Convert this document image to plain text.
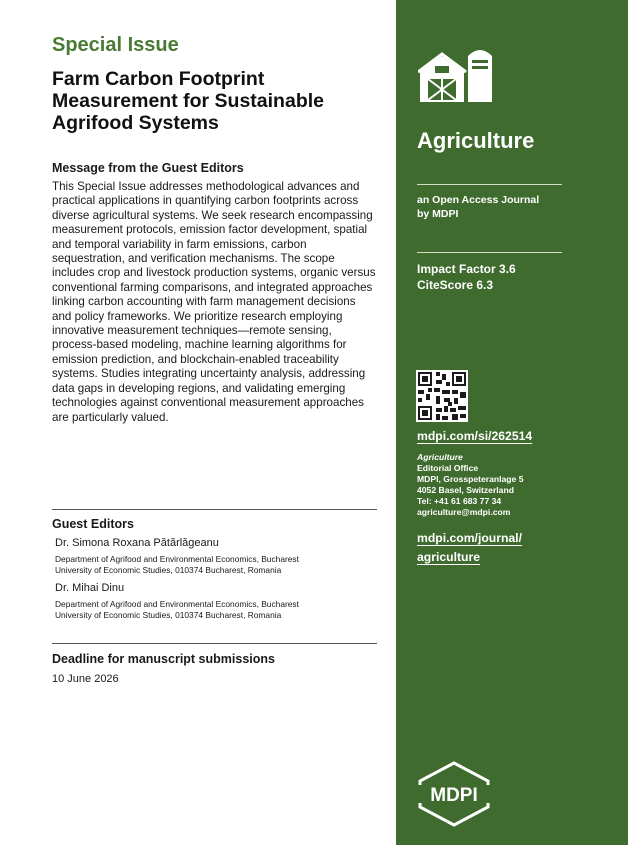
Special Issue
Farm Carbon Footprint Measurement for Sustainable Agrifood Systems
Message from the Guest Editors
This Special Issue addresses methodological advances and practical applications in quantifying carbon footprints across diverse agricultural systems. We seek research encompassing measurement protocols, emission factor development, spatial and temporal variability in farm emissions, carbon sequestration, and verification mechanisms. The scope includes crop and livestock production systems, organic versus conventional farming comparisons, and integrated approaches linking carbon accounting with farm management decisions and policy frameworks. We prioritize research employing innovative measurement techniques—remote sensing, process-based modeling, machine learning algorithms for emission prediction, and blockchain-enabled traceability systems. Studies integrating uncertainty analysis, addressing data gaps in developing regions, and validating emerging technologies against conventional measurement approaches are particularly valued.
Guest Editors
Dr. Simona Roxana Pătărlăgeanu
Department of Agrifood and Environmental Economics, Bucharest
University of Economic Studies, 010374 Bucharest, Romania
Dr. Mihai Dinu
Department of Agrifood and Environmental Economics, Bucharest
University of Economic Studies, 010374 Bucharest, Romania
Deadline for manuscript submissions
10 June 2026
Agriculture
an Open Access Journal
by MDPI
Impact Factor 3.6
CiteScore 6.3
mdpi.com/si/262514
Agriculture
Editorial Office
MDPI, Grosspeteranlage 5
4052 Basel, Switzerland
Tel: +41 61 683 77 34
agriculture@mdpi.com
mdpi.com/journal/
agriculture
MDPI
